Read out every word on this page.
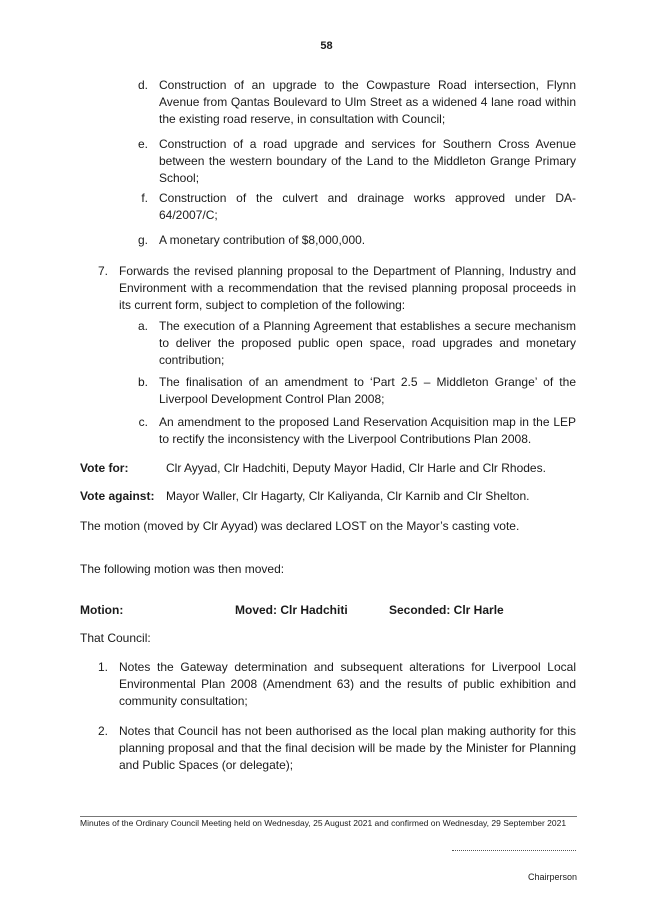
58
d. Construction of an upgrade to the Cowpasture Road intersection, Flynn Avenue from Qantas Boulevard to Ulm Street as a widened 4 lane road within the existing road reserve, in consultation with Council;

e. Construction of a road upgrade and services for Southern Cross Avenue between the western boundary of the Land to the Middleton Grange Primary School;

f. Construction of the culvert and drainage works approved under DA-64/2007/C;

g. A monetary contribution of $8,000,000.

7. Forwards the revised planning proposal to the Department of Planning, Industry and Environment with a recommendation that the revised planning proposal proceeds in its current form, subject to completion of the following:

a. The execution of a Planning Agreement that establishes a secure mechanism to deliver the proposed public open space, road upgrades and monetary contribution;

b. The finalisation of an amendment to ‘Part 2.5 – Middleton Grange’ of the Liverpool Development Control Plan 2008;

c. An amendment to the proposed Land Reservation Acquisition map in the LEP to rectify the inconsistency with the Liverpool Contributions Plan 2008.

Vote for:	Clr Ayyad, Clr Hadchiti, Deputy Mayor Hadid, Clr Harle and Clr Rhodes.
Vote against: Mayor Waller, Clr Hagarty, Clr Kaliyanda, Clr Karnib and Clr Shelton.

The motion (moved by Clr Ayyad) was declared LOST on the Mayor’s casting vote.

The following motion was then moved:

Motion:	Moved: Clr Hadchiti	Seconded: Clr Harle

That Council:

1. Notes the Gateway determination and subsequent alterations for Liverpool Local Environmental Plan 2008 (Amendment 63) and the results of public exhibition and community consultation;

2. Notes that Council has not been authorised as the local plan making authority for this planning proposal and that the final decision will be made by the Minister for Planning and Public Spaces (or delegate);

Minutes of the Ordinary Council Meeting held on Wednesday, 25 August 2021 and confirmed on Wednesday, 29 September 2021
Chairperson
